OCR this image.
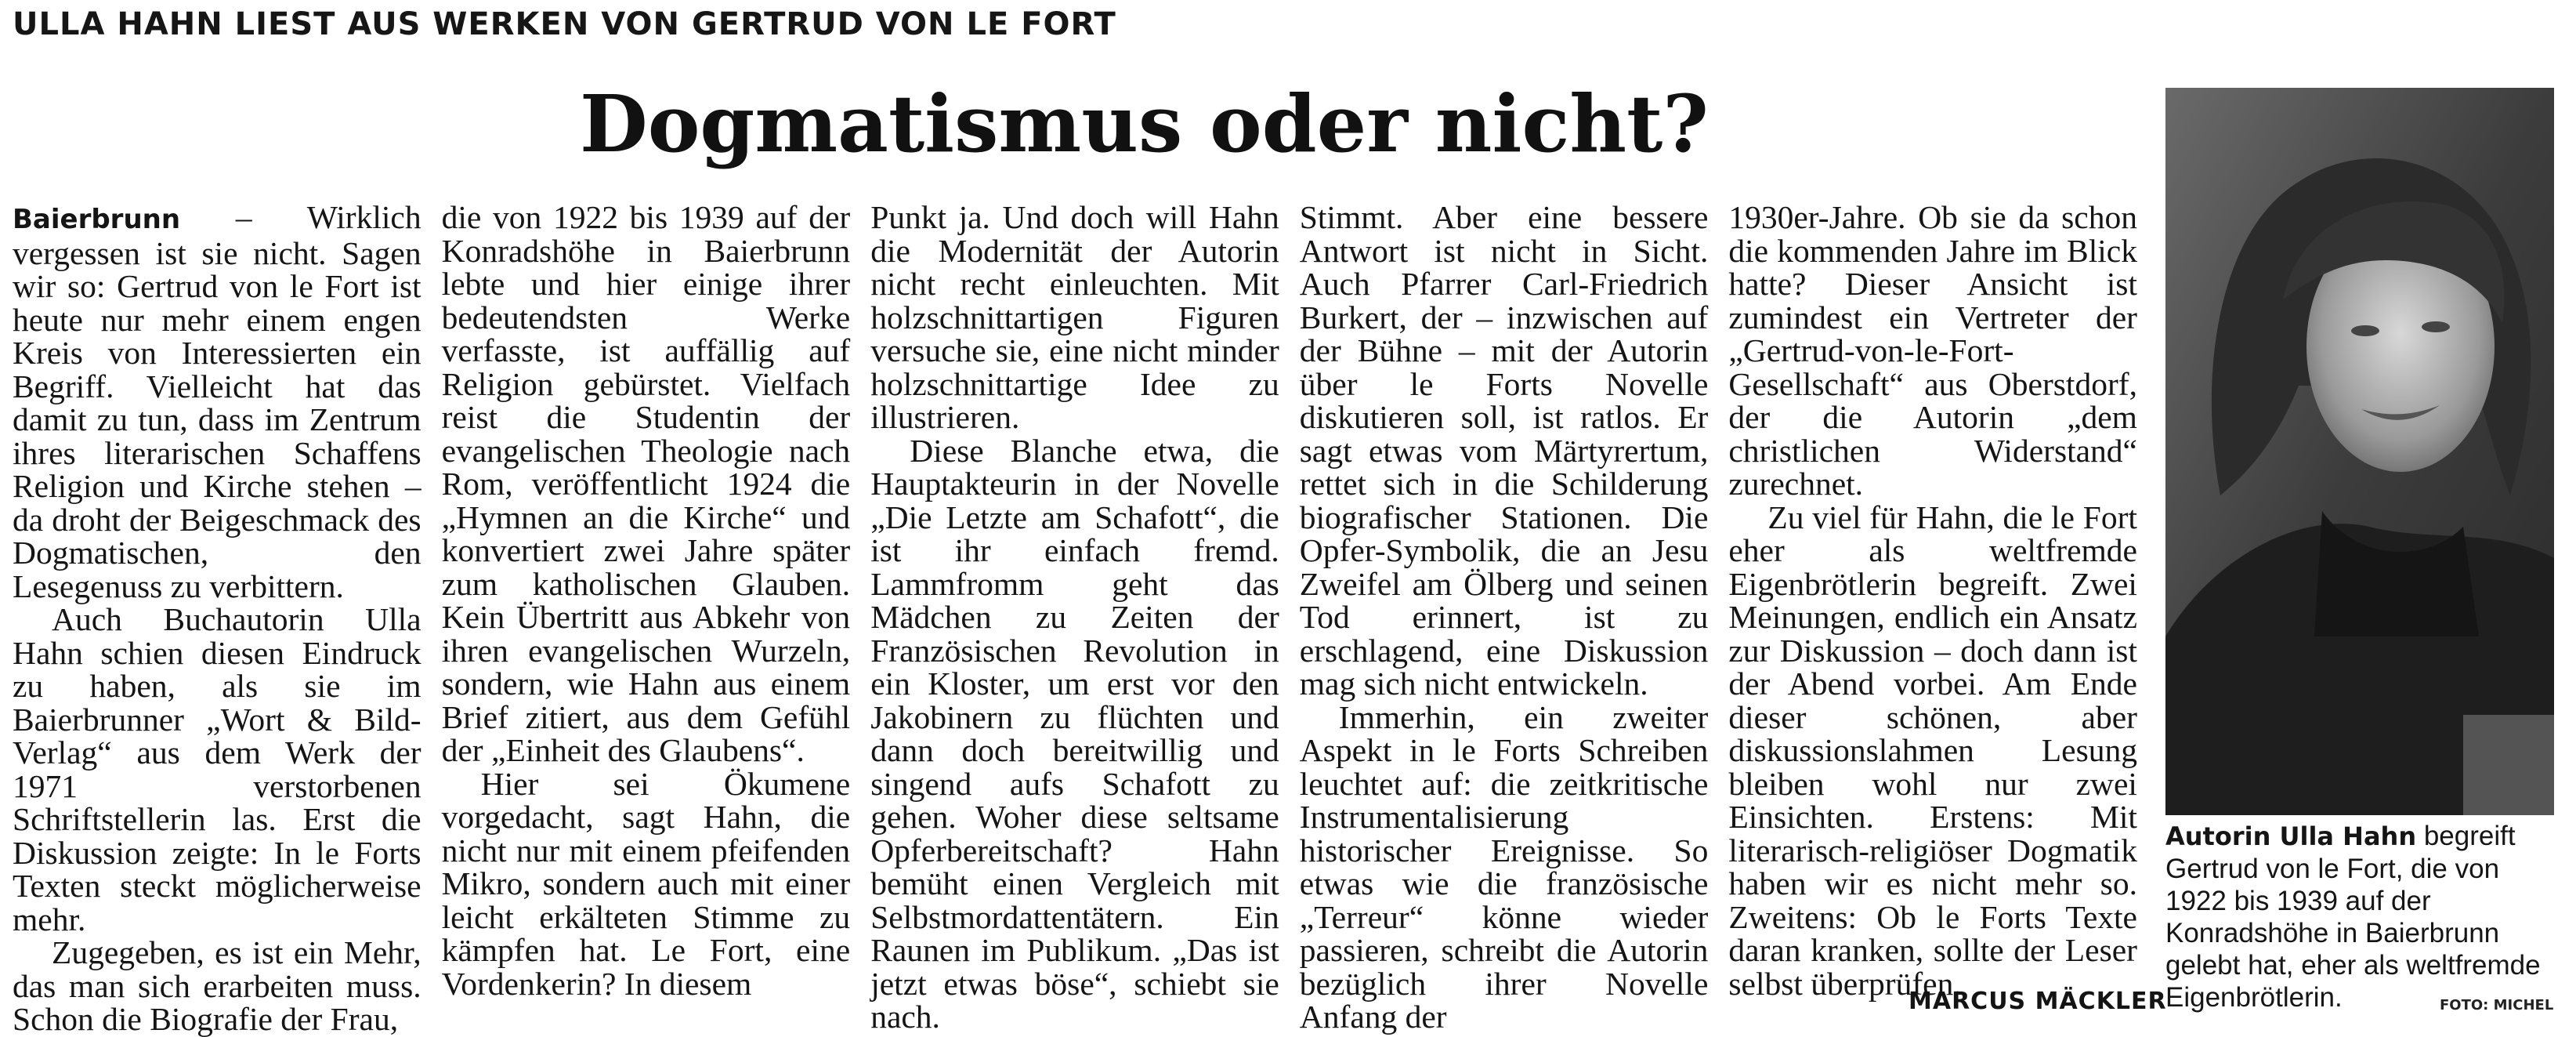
ULLA HAHN LIEST AUS WERKEN VON GERTRUD VON LE FORT
Dogmatismus oder nicht?

Baierbrunn – Wirklich vergessen ist sie nicht. Sagen wir so: Gertrud von le Fort ist heute nur mehr einem engen Kreis von Interessierten ein Begriff. Vielleicht hat das damit zu tun, dass im Zentrum ihres literarischen Schaffens Religion und Kirche stehen – da droht der Beigeschmack des Dogmatischen, den Lesegenuss zu verbittern.

Auch Buchautorin Ulla Hahn schien diesen Eindruck zu haben, als sie im Baierbrunner „Wort & Bild-Verlag“ aus dem Werk der 1971 verstorbenen Schriftstellerin las. Erst die Diskussion zeigte: In le Forts Texten steckt möglicherweise mehr.

Zugegeben, es ist ein Mehr, das man sich erarbeiten muss. Schon die Biografie der Frau,

die von 1922 bis 1939 auf der Konradshöhe in Baierbrunn lebte und hier einige ihrer bedeutendsten Werke verfasste, ist auffällig auf Religion gebürstet. Vielfach reist die Studentin der evangelischen Theologie nach Rom, veröffentlicht 1924 die „Hymnen an die Kirche“ und konvertiert zwei Jahre später zum katholischen Glauben. Kein Übertritt aus Abkehr von ihren evangelischen Wurzeln, sondern, wie Hahn aus einem Brief zitiert, aus dem Gefühl der „Einheit des Glaubens“.

Hier sei Ökumene vorgedacht, sagt Hahn, die nicht nur mit einem pfeifenden Mikro, sondern auch mit einer leicht erkälteten Stimme zu kämpfen hat. Le Fort, eine Vordenkerin? In diesem

Punkt ja. Und doch will Hahn die Modernität der Autorin nicht recht einleuchten. Mit holzschnittartigen Figuren versuche sie, eine nicht minder holzschnittartige Idee zu illustrieren.

Diese Blanche etwa, die Hauptakteurin in der Novelle „Die Letzte am Schafott“, die ist ihr einfach fremd. Lammfromm geht das Mädchen zu Zeiten der Französischen Revolution in ein Kloster, um erst vor den Jakobinern zu flüchten und dann doch bereitwillig und singend aufs Schafott zu gehen. Woher diese seltsame Opferbereitschaft? Hahn bemüht einen Vergleich mit Selbstmordattentätern. Ein Raunen im Publikum. „Das ist jetzt etwas böse“, schiebt sie nach.

Stimmt. Aber eine bessere Antwort ist nicht in Sicht. Auch Pfarrer Carl-Friedrich Burkert, der – inzwischen auf der Bühne – mit der Autorin über le Forts Novelle diskutieren soll, ist ratlos. Er sagt etwas vom Märtyrertum, rettet sich in die Schilderung biografischer Stationen. Die Opfer-Symbolik, die an Jesu Zweifel am Ölberg und seinen Tod erinnert, ist zu erschlagend, eine Diskussion mag sich nicht entwickeln.

Immerhin, ein zweiter Aspekt in le Forts Schreiben leuchtet auf: die zeitkritische Instrumentalisierung historischer Ereignisse. So etwas wie die französische „Terreur“ könne wieder passieren, schreibt die Autorin bezüglich ihrer Novelle Anfang der

1930er-Jahre. Ob sie da schon die kommenden Jahre im Blick hatte? Dieser Ansicht ist zumindest ein Vertreter der „Gertrud-von-le-Fort-Gesellschaft“ aus Oberstdorf, der die Autorin „dem christlichen Widerstand“ zurechnet.

Zu viel für Hahn, die le Fort eher als weltfremde Eigenbrötlerin begreift. Zwei Meinungen, endlich ein Ansatz zur Diskussion – doch dann ist der Abend vorbei. Am Ende dieser schönen, aber diskussionslahmen Lesung bleiben wohl nur zwei Einsichten. Erstens: Mit literarisch-religiöser Dogmatik haben wir es nicht mehr so. Zweitens: Ob le Forts Texte daran kranken, sollte der Leser selbst überprüfen.

MARCUS MÄCKLER
Autorin Ulla Hahn begreift Gertrud von le Fort, die von 1922 bis 1939 auf der Konradshöhe in Baierbrunn gelebt hat, eher als weltfremde Eigenbrötlerin.	FOTO: MICHEL
